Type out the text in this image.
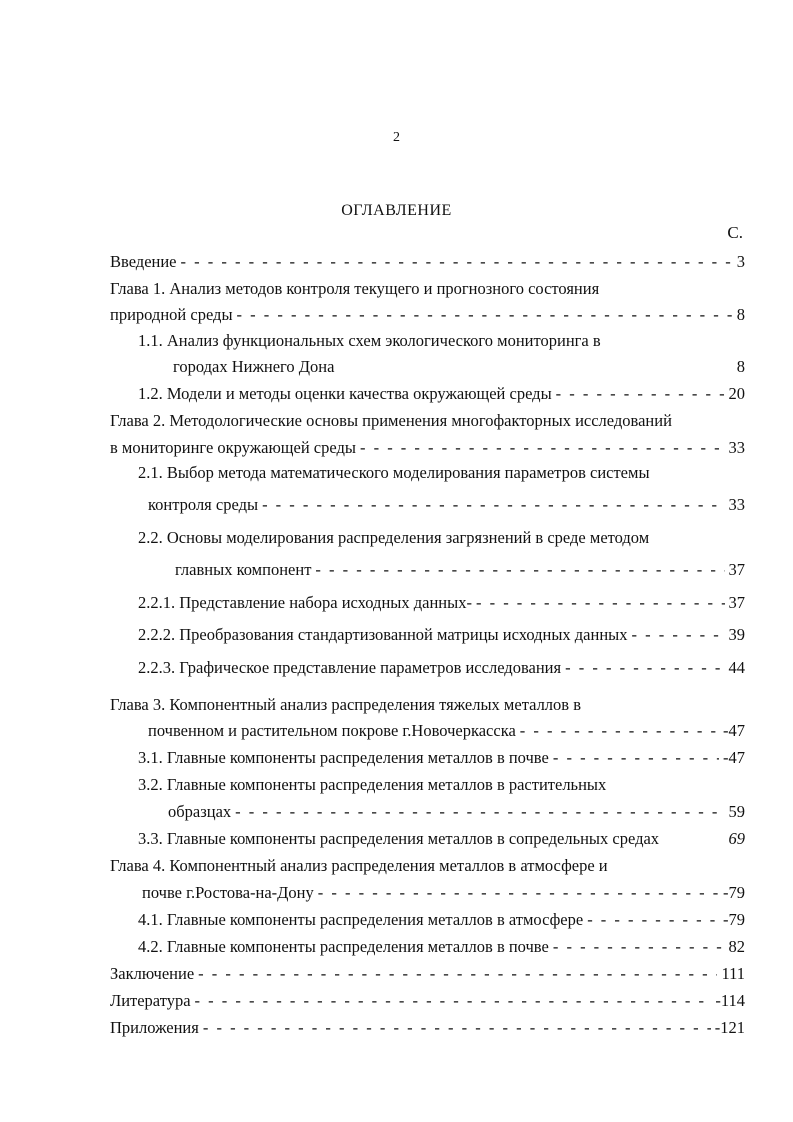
2
ОГЛАВЛЕНИЕ
С.
Введение - - -	3
Глава 1. Анализ методов контроля текущего и прогнозного состояния
природной среды - - -	8
1.1. Анализ функциональных схем экологического мониторинга в
городах Нижнего Дона	8
1.2. Модели и методы оценки качества окружающей среды - - -	20
Глава 2. Методологические основы применения многофакторных исследований
в мониторинге окружающей среды - - -	33
2.1. Выбор метода математического моделирования параметров системы
контроля среды - - -	33
2.2. Основы моделирования распределения загрязнений в среде методом
главных компонент - - -	37
2.2.1. Представление набора исходных данных- - - -	37
2.2.2. Преобразования стандартизованной матрицы исходных данных - - -	39
2.2.3. Графическое представление параметров исследования - - -	44
Глава 3. Компонентный анализ распределения тяжелых металлов в
почвенном и растительном покрове г.Новочеркасска - - -	-47
3.1. Главные компоненты распределения металлов в почве - - -	-47
3.2. Главные компоненты распределения металлов в растительных
образцах - - -	59
3.3. Главные компоненты распределения металлов в сопредельных средах	69
Глава 4. Компонентный анализ распределения металлов в атмосфере и
почве г.Ростова-на-Дону - - -	-79
4.1. Главные компоненты распределения металлов в атмосфере - - -	-79
4.2. Главные компоненты распределения металлов в почве - - -	82
Заключение - - -	111
Литература - - -	-114
Приложения - - -	-121
